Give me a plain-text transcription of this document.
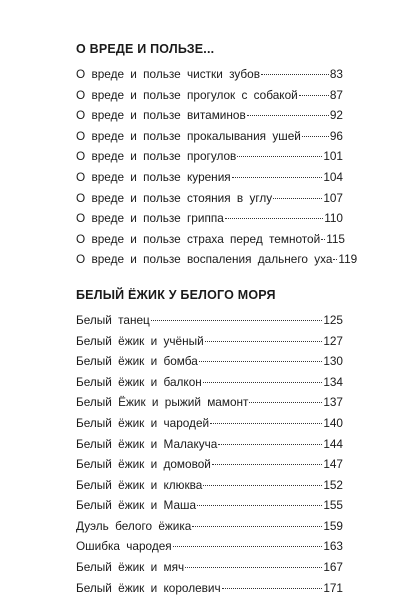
О ВРЕДЕ И ПОЛЬЗЕ...
О вреде и пользе чистки зубов	83
О вреде и пользе прогулок с собакой	87
О вреде и пользе витаминов	92
О вреде и пользе прокалывания ушей 96
О вреде и пользе прогулов	101
О вреде и пользе курения	104
О вреде и пользе стояния в углу	107
О вреде и пользе гриппа	110
О вреде и пользе страха перед темнотой 115
О вреде и пользе воспаления дальнего уха 119
БЕЛЫЙ ЁЖИК У БЕЛОГО МОРЯ
Белый танец	125
Белый ёжик и учёный	127
Белый ёжик и бомба	130
Белый ёжик и балкон	134
Белый Ёжик и рыжий мамонт	137
Белый ёжик и чародей	140
Белый ёжик и Малакуча	144
Белый ёжик и домовой	147
Белый ёжик и клюква	152
Белый ёжик и Маша	155
Дуэль белого ёжика	159
Ошибка чародея	163
Белый ёжик и мяч	167
Белый ёжик и королевич	171
